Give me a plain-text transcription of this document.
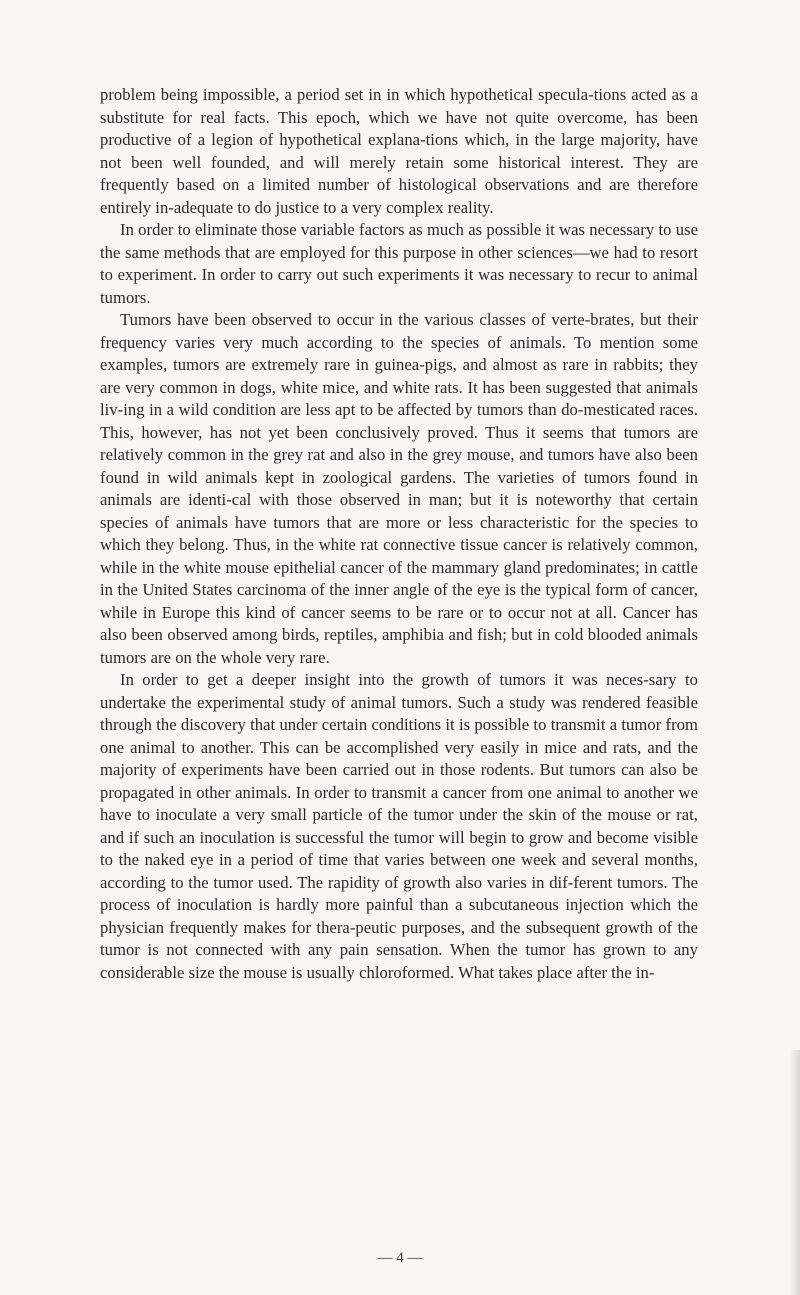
problem being impossible, a period set in in which hypothetical specula-tions acted as a substitute for real facts. This epoch, which we have not quite overcome, has been productive of a legion of hypothetical explana-tions which, in the large majority, have not been well founded, and will merely retain some historical interest. They are frequently based on a limited number of histological observations and are therefore entirely in-adequate to do justice to a very complex reality.

In order to eliminate those variable factors as much as possible it was necessary to use the same methods that are employed for this purpose in other sciences—we had to resort to experiment. In order to carry out such experiments it was necessary to recur to animal tumors.

Tumors have been observed to occur in the various classes of verte-brates, but their frequency varies very much according to the species of animals. To mention some examples, tumors are extremely rare in guinea-pigs, and almost as rare in rabbits; they are very common in dogs, white mice, and white rats. It has been suggested that animals liv-ing in a wild condition are less apt to be affected by tumors than do-mesticated races. This, however, has not yet been conclusively proved. Thus it seems that tumors are relatively common in the grey rat and also in the grey mouse, and tumors have also been found in wild animals kept in zoological gardens. The varieties of tumors found in animals are identi-cal with those observed in man; but it is noteworthy that certain species of animals have tumors that are more or less characteristic for the species to which they belong. Thus, in the white rat connective tissue cancer is relatively common, while in the white mouse epithelial cancer of the mammary gland predominates; in cattle in the United States carcinoma of the inner angle of the eye is the typical form of cancer, while in Europe this kind of cancer seems to be rare or to occur not at all. Cancer has also been observed among birds, reptiles, amphibia and fish; but in cold blooded animals tumors are on the whole very rare.

In order to get a deeper insight into the growth of tumors it was neces-sary to undertake the experimental study of animal tumors. Such a study was rendered feasible through the discovery that under certain conditions it is possible to transmit a tumor from one animal to another. This can be accomplished very easily in mice and rats, and the majority of experiments have been carried out in those rodents. But tumors can also be propagated in other animals. In order to transmit a cancer from one animal to another we have to inoculate a very small particle of the tumor under the skin of the mouse or rat, and if such an inoculation is successful the tumor will begin to grow and become visible to the naked eye in a period of time that varies between one week and several months, according to the tumor used. The rapidity of growth also varies in dif-ferent tumors. The process of inoculation is hardly more painful than a subcutaneous injection which the physician frequently makes for thera-peutic purposes, and the subsequent growth of the tumor is not connected with any pain sensation. When the tumor has grown to any considerable size the mouse is usually chloroformed. What takes place after the in-

— 4 —
